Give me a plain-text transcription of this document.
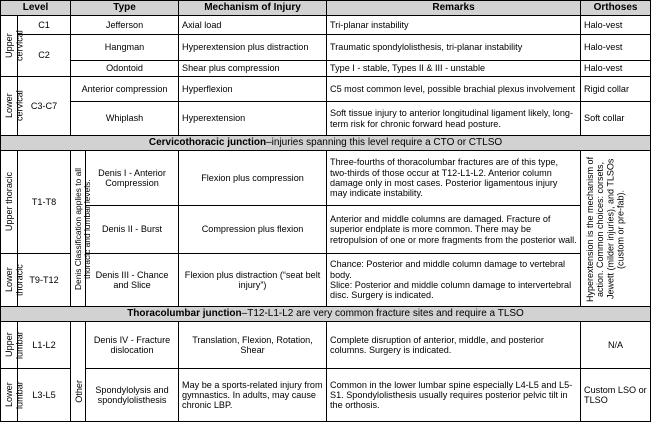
Level		Type		Mechanism of Injury	Remarks	Orthoses

Upper cervical	C1	Jefferson		Axial load	Tri-planar instability	Halo-vest
	C2	Hangman		Hyperextension plus distraction	Traumatic spondylolisthesis, tri-planar instability	Halo-vest
		Odontoid		Shear plus compression	Type I - stable, Types II & III - unstable	Halo-vest

Lower cervical	C3-C7	Anterior compression		Hyperflexion	C5 most common level, possible brachial plexus involvement	Rigid collar
		Whiplash		Hyperextension	Soft tissue injury to anterior longitudinal ligament likely, long-term risk for chronic forward head posture.	Soft collar
Cervicothoracic junction–injuries spanning this level require a CTO or CTLSO						

Upper thoracic	T1-T8	Denis Classification applies to all thoracic and lumbar levels.	Denis I - Anterior Compression	Flexion plus compression	Three-fourths of thoracolumbar fractures are of this type, two-thirds of those occur at T12-L1-L2. Anterior column damage only in most cases. Posterior ligamentous injury may indicate instability.	Hyperextension is the mechanism of action. Common choices: corsets, Jewett (milder injuries), and TLSOs (custom or pre-fab).

			Denis II - Burst	Compression plus flexion	Anterior and middle columns are damaged. Fracture of superior endplate is more common. There may be retropulsion of one or more fragments from the posterior wall.	

Lower thoracic	T9-T12		Denis III - Chance and Slice	Flexion plus distraction (“seat belt injury”)	Chance: Posterior and middle column damage to vertebral body.
Slice: Posterior and middle column damage to intervertebral disc. Surgery is indicated.	

Thoracolumbar junction–T12-L1-L2 are very common fracture sites and require a TLSO						

Upper lumbar	L1-L2	Other	Denis IV - Fracture dislocation	Translation, Flexion, Rotation, Shear	Complete disruption of anterior, middle, and posterior columns. Surgery is indicated.	N/A

Lower lumbar	L3-L5		Spondylolysis and spondylolisthesis	May be a sports-related injury from gymnastics. In adults, may cause chronic LBP.	Common in the lower lumbar spine especially L4-L5 and L5-S1. Spondylolisthesis usually requires posterior pelvic tilt in the orthosis.	Custom LSO or TLSO
